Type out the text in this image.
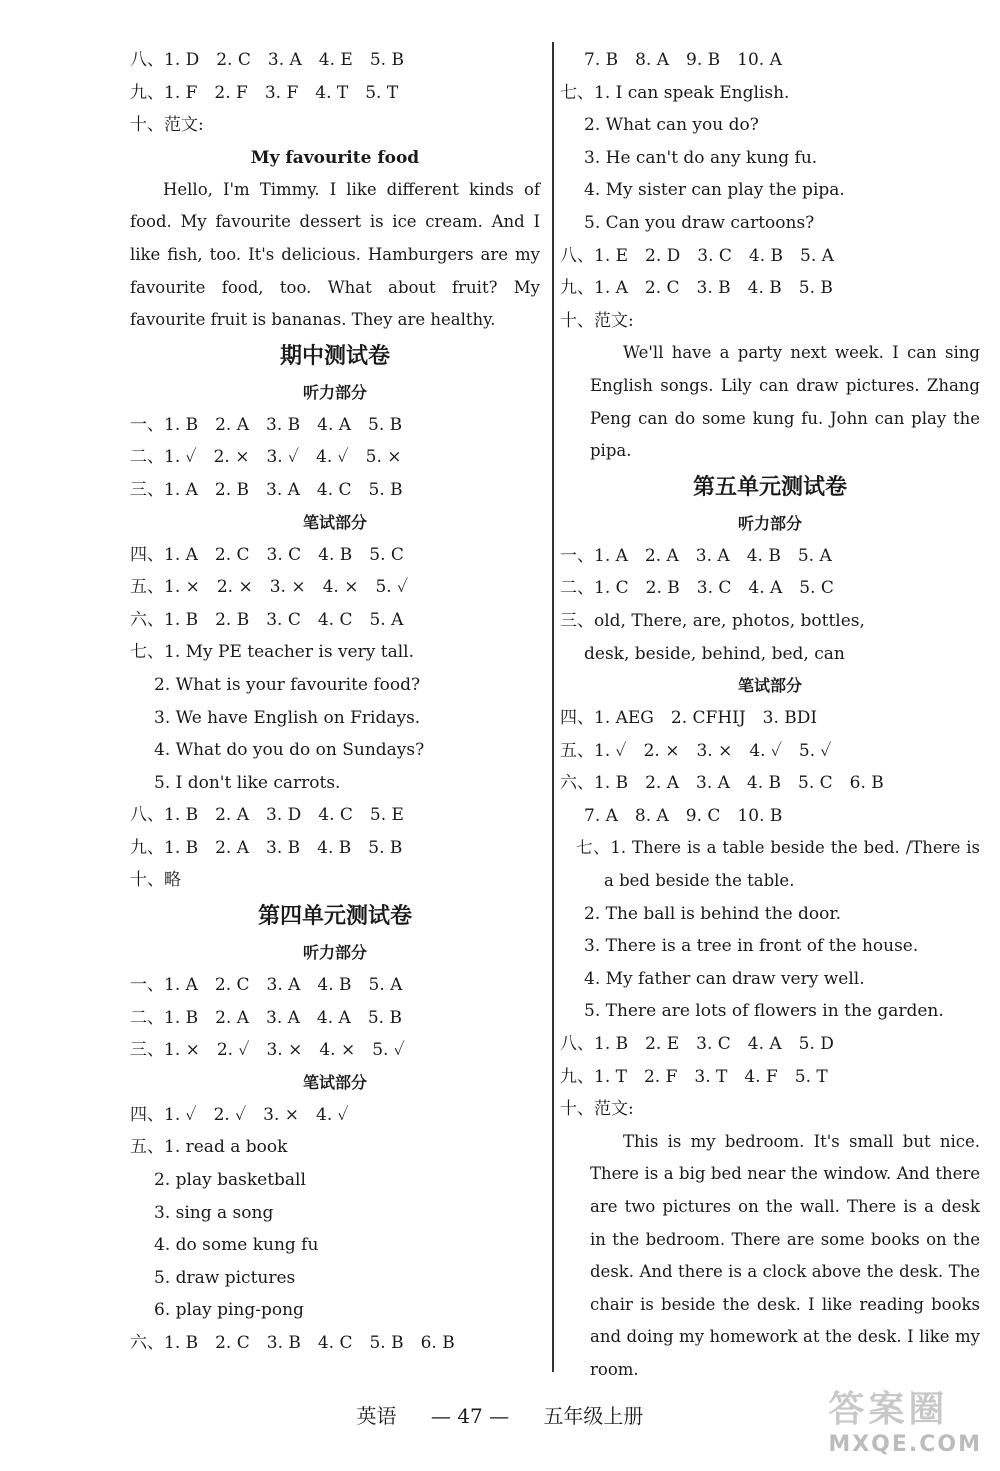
八、1. D　2. C　3. A　4. E　5. B
九、1. F　2. F　3. F　4. T　5. T
十、范文:
My favourite food
Hello, I'm Timmy. I like different kinds of food. My favourite dessert is ice cream. And I like fish, too. It's delicious. Hamburgers are my favourite food, too. What about fruit? My favourite fruit is bananas. They are healthy.
期中测试卷
听力部分
一、1. B　2. A　3. B　4. A　5. B
二、1. ✓　2. ×　3. ✓　4. ✓　5. ×
三、1. A　2. B　3. A　4. C　5. B
笔试部分
四、1. A　2. C　3. C　4. B　5. C
五、1. ×　2. ×　3. ×　4. ×　5. ✓
六、1. B　2. B　3. C　4. C　5. A
七、1. My PE teacher is very tall.
2. What is your favourite food?
3. We have English on Fridays.
4. What do you do on Sundays?
5. I don't like carrots.
八、1. B　2. A　3. D　4. C　5. E
九、1. B　2. A　3. B　4. B　5. B
十、略
第四单元测试卷
听力部分
一、1. A　2. C　3. A　4. B　5. A
二、1. B　2. A　3. A　4. A　5. B
三、1. ×　2. ✓　3. ×　4. ×　5. ✓
笔试部分
四、1. ✓　2. ✓　3. ×　4. ✓
五、1. read a book
2. play basketball
3. sing a song
4. do some kung fu
5. draw pictures
6. play ping-pong
六、1. B　2. C　3. B　4. C　5. B　6. B
7. B　8. A　9. B　10. A
七、1. I can speak English.
2. What can you do?
3. He can't do any kung fu.
4. My sister can play the pipa.
5. Can you draw cartoons?
八、1. E　2. D　3. C　4. B　5. A
九、1. A　2. C　3. B　4. B　5. B
十、范文:
We'll have a party next week. I can sing English songs. Lily can draw pictures. Zhang Peng can do some kung fu. John can play the pipa.
第五单元测试卷
听力部分
一、1. A　2. A　3. A　4. B　5. A
二、1. C　2. B　3. C　4. A　5. C
三、old, There, are, photos, bottles,
desk, beside, behind, bed, can
笔试部分
四、1. AEG　2. CFHIJ　3. BDI
五、1. ✓　2. ×　3. ×　4. ✓　5. ✓
六、1. B　2. A　3. A　4. B　5. C　6. B
7. A　8. A　9. C　10. B
七、1. There is a table beside the bed. /There is a bed beside the table.
2. The ball is behind the door.
3. There is a tree in front of the house.
4. My father can draw very well.
5. There are lots of flowers in the garden.
八、1. B　2. E　3. C　4. A　5. D
九、1. T　2. F　3. T　4. F　5. T
十、范文:
This is my bedroom. It's small but nice. There is a big bed near the window. And there are two pictures on the wall. There is a desk in the bedroom. There are some books on the desk. And there is a clock above the desk. The chair is beside the desk. I like reading books and doing my homework at the desk. I like my room.
英语 — 47 — 五年级上册	答案圈
MXQE.COM
